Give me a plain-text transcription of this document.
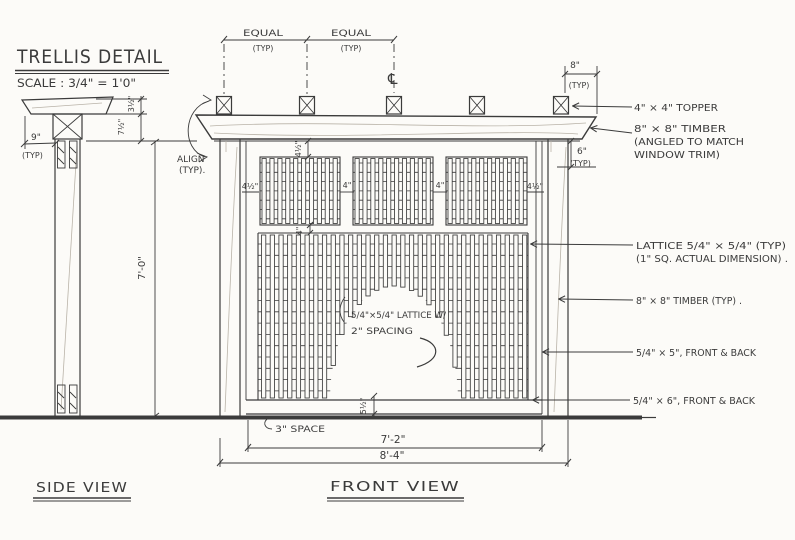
TRELLIS DETAIL
SCALE : 3/4" = 1'0"
9"
(TYP)
3½"
7½"
7'-0"
SIDE VIEW
EQUAL
(TYP)
EQUAL
(TYP)
℄
8"
(TYP)
6"
(TYP)
4½"	4"	4"	4½"
4½"
4"
5/4"×5/4" LATTICE W/
2" SPACING
5½"
3" SPACE
7'-2"
8'-4"
FRONT VIEW
4" × 4" TOPPER
8" × 8" TIMBER
(ANGLED TO MATCH
WINDOW TRIM)
LATTICE 5/4" × 5/4" (TYP)
(1" SQ. ACTUAL DIMENSION) .
8" × 8" TIMBER (TYP) .
5/4" × 5", FRONT & BACK
5/4" × 6", FRONT & BACK
ALIGN
(TYP).
